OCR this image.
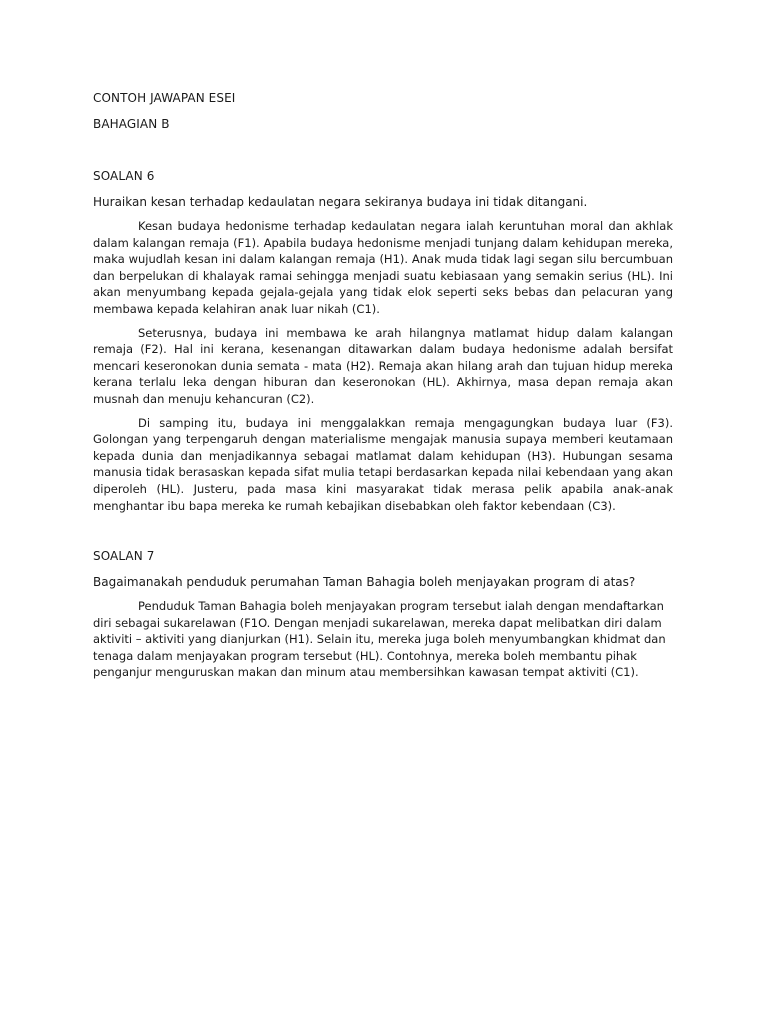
CONTOH JAWAPAN ESEI

BAHAGIAN B

SOALAN 6

Huraikan kesan terhadap kedaulatan negara sekiranya budaya ini tidak ditangani.

Kesan budaya hedonisme terhadap kedaulatan negara ialah keruntuhan moral dan akhlak dalam kalangan remaja (F1). Apabila budaya hedonisme menjadi tunjang dalam kehidupan mereka, maka wujudlah kesan ini dalam kalangan remaja (H1). Anak muda tidak lagi segan silu bercumbuan dan berpelukan di khalayak ramai sehingga menjadi suatu kebiasaan yang semakin serius (HL). Ini akan menyumbang kepada gejala-gejala yang tidak elok seperti seks bebas dan pelacuran yang membawa kepada kelahiran anak luar nikah (C1).

Seterusnya, budaya ini membawa ke arah hilangnya matlamat hidup dalam kalangan remaja (F2). Hal ini kerana, kesenangan ditawarkan dalam budaya hedonisme adalah bersifat mencari keseronokan dunia semata - mata (H2). Remaja akan hilang arah dan tujuan hidup mereka kerana terlalu leka dengan hiburan dan keseronokan (HL). Akhirnya, masa depan remaja akan musnah dan menuju kehancuran (C2).

Di samping itu, budaya ini menggalakkan remaja mengagungkan budaya luar (F3). Golongan yang terpengaruh dengan materialisme mengajak manusia supaya memberi keutamaan kepada dunia dan menjadikannya sebagai matlamat dalam kehidupan (H3). Hubungan sesama manusia tidak berasaskan kepada sifat mulia tetapi berdasarkan kepada nilai kebendaan yang akan diperoleh (HL). Justeru, pada masa kini masyarakat tidak merasa pelik apabila anak-anak menghantar ibu bapa mereka ke rumah kebajikan disebabkan oleh faktor kebendaan (C3).

SOALAN 7

Bagaimanakah penduduk perumahan Taman Bahagia boleh menjayakan program di atas?

Penduduk Taman Bahagia boleh menjayakan program tersebut ialah dengan mendaftarkan diri sebagai sukarelawan (F1O. Dengan menjadi sukarelawan, mereka dapat melibatkan diri dalam aktiviti – aktiviti yang dianjurkan (H1). Selain itu, mereka juga boleh menyumbangkan khidmat dan tenaga dalam menjayakan program tersebut (HL). Contohnya, mereka boleh membantu pihak penganjur menguruskan makan dan minum atau membersihkan kawasan tempat aktiviti (C1).
